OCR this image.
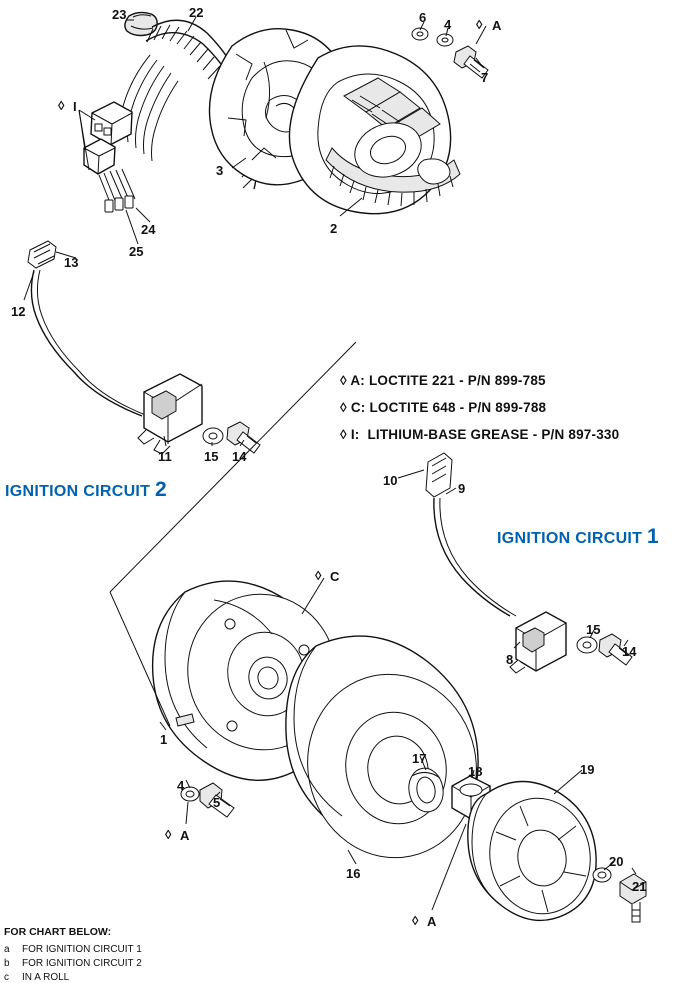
23	22	6 4 ◊ A
7
◊ I
3
24
25
2
13
12
11 15 14
10
9
◊ C
15
14
8
1
4
5
◊ A
17
18	19
16
20
21
◊ A
◊ A: LOCTITE 221 - P/N 899-785
◊ C: LOCTITE 648 - P/N 899-788
◊ I: LITHIUM-BASE GREASE - P/N 897-330
IGNITION CIRCUIT 2
IGNITION CIRCUIT 1
FOR CHART BELOW:
a FOR IGNITION CIRCUIT 1
b FOR IGNITION CIRCUIT 2
c IN A ROLL
